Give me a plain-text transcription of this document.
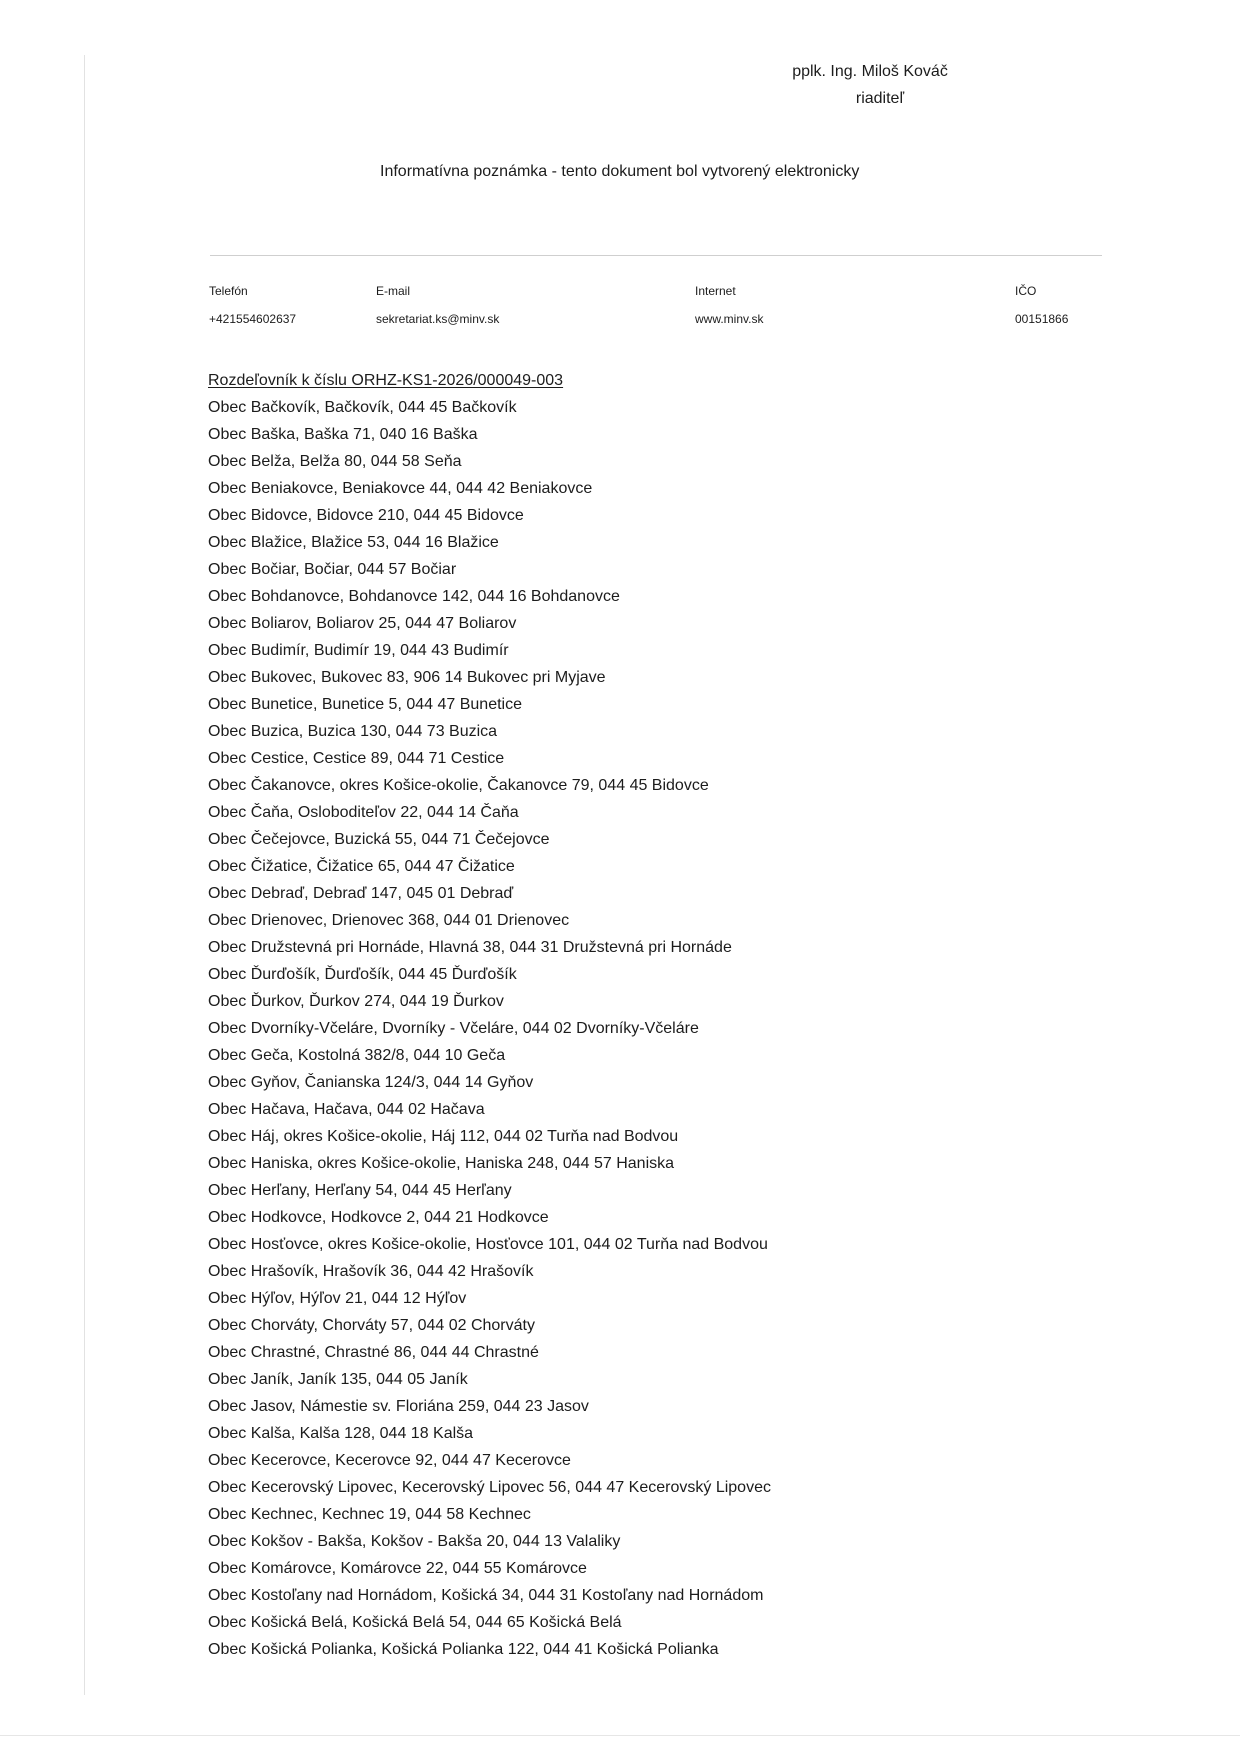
pplk. Ing. Miloš Kováč
riaditeľ
Informatívna poznámka - tento dokument bol vytvorený elektronicky
Telefón
+421554602637
E-mail
sekretariat.ks@minv.sk
Internet
www.minv.sk
IČO
00151866
Rozdeľovník k číslu ORHZ-KS1-2026/000049-003
Obec Bačkovík, Bačkovík, 044 45 Bačkovík
Obec Baška, Baška 71, 040 16 Baška
Obec Belža, Belža 80, 044 58 Seňa
Obec Beniakovce, Beniakovce 44, 044 42 Beniakovce
Obec Bidovce, Bidovce 210, 044 45 Bidovce
Obec Blažice, Blažice 53, 044 16 Blažice
Obec Bočiar, Bočiar, 044 57 Bočiar
Obec Bohdanovce, Bohdanovce 142, 044 16 Bohdanovce
Obec Boliarov, Boliarov 25, 044 47 Boliarov
Obec Budimír, Budimír 19, 044 43 Budimír
Obec Bukovec, Bukovec 83, 906 14 Bukovec pri Myjave
Obec Bunetice, Bunetice 5, 044 47 Bunetice
Obec Buzica, Buzica 130, 044 73 Buzica
Obec Cestice, Cestice 89, 044 71 Cestice
Obec Čakanovce, okres Košice-okolie, Čakanovce 79, 044 45 Bidovce
Obec Čaňa, Osloboditeľov 22, 044 14 Čaňa
Obec Čečejovce, Buzická 55, 044 71 Čečejovce
Obec Čižatice, Čižatice 65, 044 47 Čižatice
Obec Debraď, Debraď 147, 045 01 Debraď
Obec Drienovec, Drienovec 368, 044 01 Drienovec
Obec Družstevná pri Hornáde, Hlavná 38, 044 31 Družstevná pri Hornáde
Obec Ďurďošík, Ďurďošík, 044 45 Ďurďošík
Obec Ďurkov, Ďurkov 274, 044 19 Ďurkov
Obec Dvorníky-Včeláre, Dvorníky - Včeláre, 044 02 Dvorníky-Včeláre
Obec Geča, Kostolná 382/8, 044 10 Geča
Obec Gyňov, Čanianska 124/3, 044 14 Gyňov
Obec Hačava, Hačava, 044 02 Hačava
Obec Háj, okres Košice-okolie, Háj 112, 044 02 Turňa nad Bodvou
Obec Haniska, okres Košice-okolie, Haniska 248, 044 57 Haniska
Obec Herľany, Herľany 54, 044 45 Herľany
Obec Hodkovce, Hodkovce 2, 044 21 Hodkovce
Obec Hosťovce, okres Košice-okolie, Hosťovce 101, 044 02 Turňa nad Bodvou
Obec Hrašovík, Hrašovík 36, 044 42 Hrašovík
Obec Hýľov, Hýľov 21, 044 12 Hýľov
Obec Chorváty, Chorváty 57, 044 02 Chorváty
Obec Chrastné, Chrastné 86, 044 44 Chrastné
Obec Janík, Janík 135, 044 05 Janík
Obec Jasov, Námestie sv. Floriána 259, 044 23 Jasov
Obec Kalša, Kalša 128, 044 18 Kalša
Obec Kecerovce, Kecerovce 92, 044 47 Kecerovce
Obec Kecerovský Lipovec, Kecerovský Lipovec 56, 044 47 Kecerovský Lipovec
Obec Kechnec, Kechnec 19, 044 58 Kechnec
Obec Kokšov - Bakša, Kokšov - Bakša 20, 044 13 Valaliky
Obec Komárovce, Komárovce 22, 044 55 Komárovce
Obec Kostoľany nad Hornádom, Košická 34, 044 31 Kostoľany nad Hornádom
Obec Košická Belá, Košická Belá 54, 044 65 Košická Belá
Obec Košická Polianka, Košická Polianka 122, 044 41 Košická Polianka
